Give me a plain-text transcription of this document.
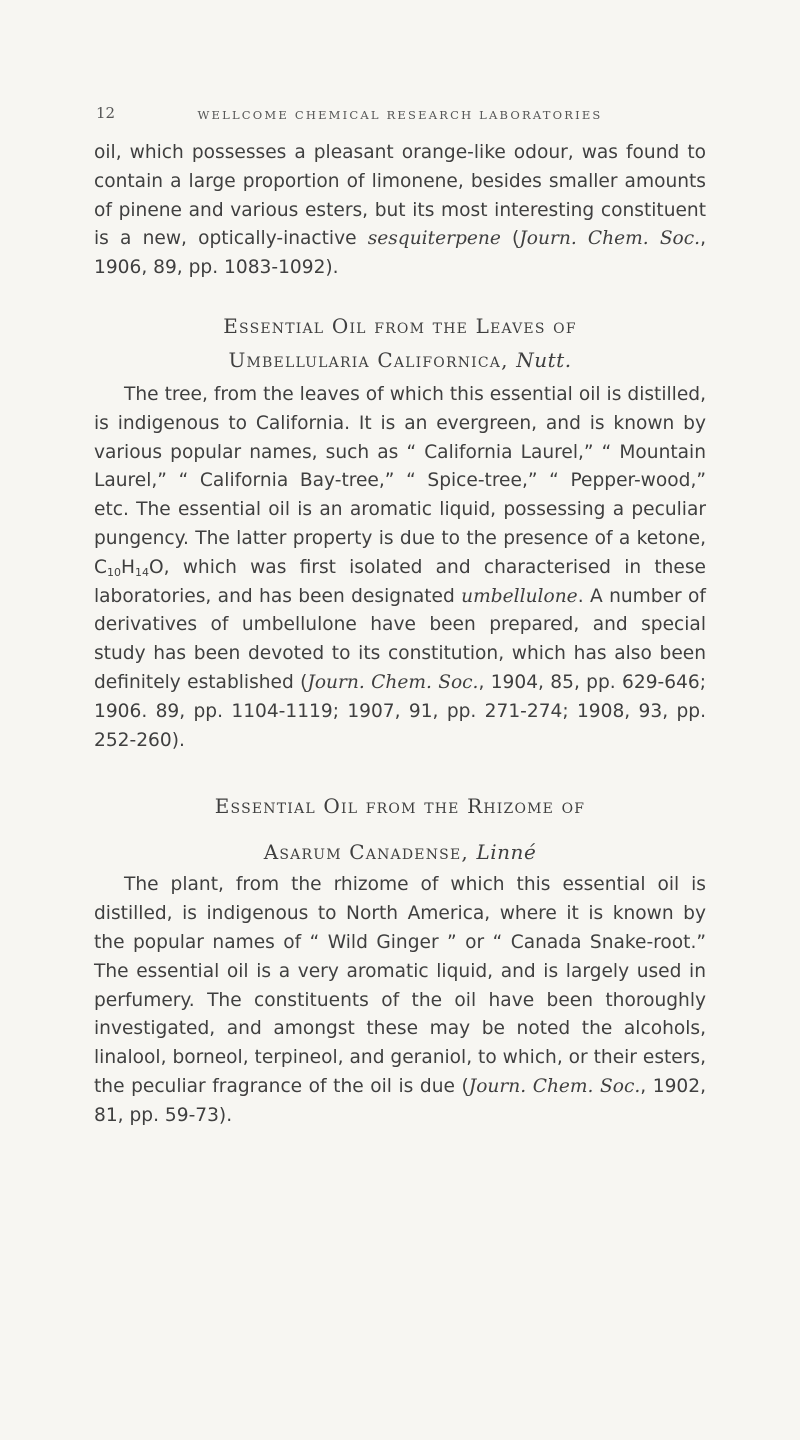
12	WELLCOME CHEMICAL RESEARCH LABORATORIES

oil, which possesses a pleasant orange-like odour, was found to contain a large proportion of limonene, besides smaller amounts of pinene and various esters, but its most interesting constituent is a new, optically-inactive sesquiterpene (Journ. Chem. Soc., 1906, 89, pp. 1083-1092).

Essential Oil from the Leaves of
Umbellularia Californica, Nutt.

The tree, from the leaves of which this essential oil is distilled, is indigenous to California. It is an evergreen, and is known by various popular names, such as “ California Laurel,” “ Mountain Laurel,” “ California Bay-tree,” “ Spice-tree,” “ Pepper-wood,” etc. The essential oil is an aromatic liquid, possessing a peculiar pungency. The latter property is due to the presence of a ketone, $C_{10}H_{14}O$, which was first isolated and characterised in these laboratories, and has been designated umbellulone. A number of derivatives of umbellulone have been prepared, and special study has been devoted to its constitution, which has also been definitely established (Journ. Chem. Soc., 1904, 85, pp. 629-646; 1906. 89, pp. 1104-1119; 1907, 91, pp. 271-274; 1908, 93, pp. 252-260).

Essential Oil from the Rhizome of
Asarum Canadense, Linné

The plant, from the rhizome of which this essential oil is distilled, is indigenous to North America, where it is known by the popular names of “ Wild Ginger ” or “ Canada Snake-root.” The essential oil is a very aromatic liquid, and is largely used in perfumery. The constituents of the oil have been thoroughly investigated, and amongst these may be noted the alcohols, linalool, borneol, terpineol, and geraniol, to which, or their esters, the peculiar fragrance of the oil is due (Journ. Chem. Soc., 1902, 81, pp. 59-73).
